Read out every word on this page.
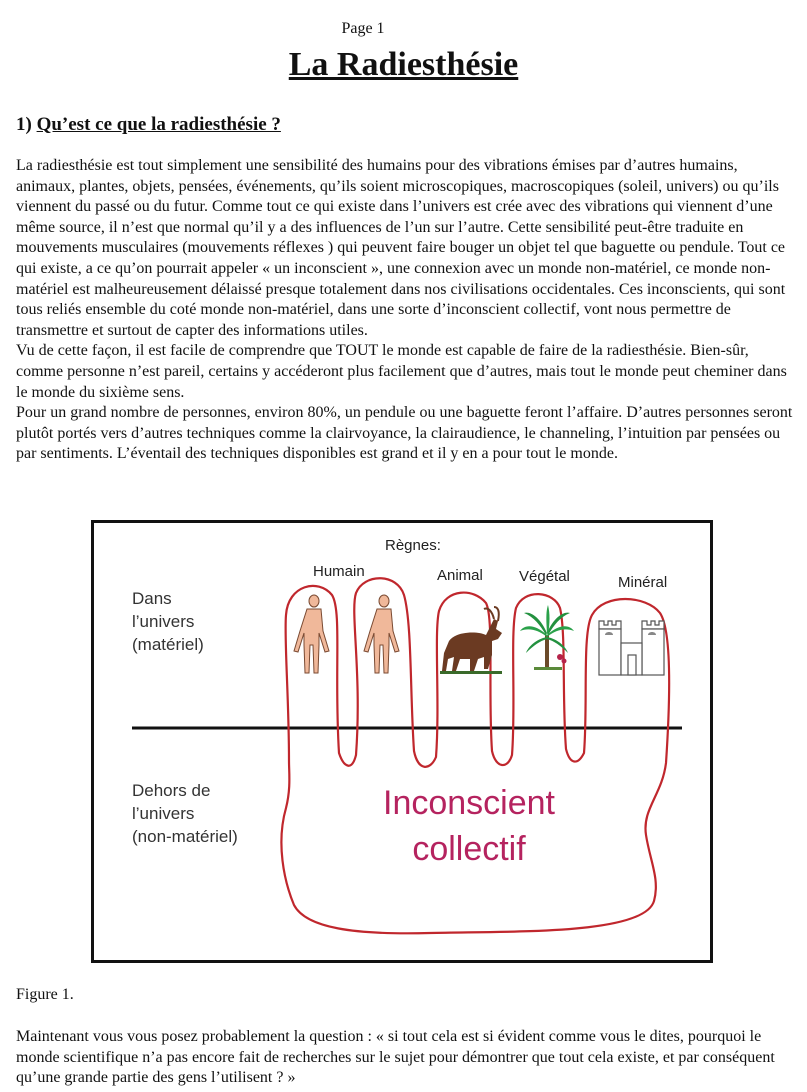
Page 1
La Radiesthésie
1) Qu’est ce que la radiesthésie ?

La radiesthésie est tout simplement une sensibilité des humains pour des vibrations émises par d’autres humains, animaux, plantes, objets, pensées, événements, qu’ils soient microscopiques, macroscopiques (soleil, univers) ou qu’ils viennent du passé ou du futur. Comme tout ce qui existe dans l’univers est crée avec des vibrations qui viennent d’une même source, il n’est que normal qu’il y a des influences de l’un sur l’autre. Cette sensibilité peut-être traduite en mouvements musculaires (mouvements réflexes ) qui peuvent faire bouger un objet tel que baguette ou pendule. Tout ce qui existe, a ce qu’on pourrait appeler « un inconscient », une connexion avec un monde non-matériel, ce monde non-matériel est malheureusement délaissé presque totalement dans nos civilisations occidentales. Ces inconscients, qui sont tous reliés ensemble du coté monde non-matériel, dans une sorte d’inconscient collectif, vont nous permettre de transmettre et surtout de capter des informations utiles.

Vu de cette façon, il est facile de comprendre que TOUT le monde est capable de faire de la radiesthésie. Bien-sûr, comme personne n’est pareil, certains y accéderont plus facilement que d’autres, mais tout le monde peut cheminer dans le monde du sixième sens.

Pour un grand nombre de personnes, environ 80%, un pendule ou une baguette feront l’affaire. D’autres personnes seront plutôt portés vers d’autres techniques comme la clairvoyance, la clairaudience, le channeling, l’intuition par pensées ou par sentiments. L’éventail des techniques disponibles est grand et il y en a pour tout le monde.

Règnes:
Humain	Animal Végétal	Minéral
Dans
l’univers
(matériel)
Dehors de
l’univers
(non-matériel)
Inconscient
collectif
Figure 1.

Maintenant vous vous posez probablement la question : « si tout cela est si évident comme vous le dites, pourquoi le monde scientifique n’a pas encore fait de recherches sur le sujet pour démontrer que tout cela existe, et par conséquent qu’une grande partie des gens l’utilisent ? »
